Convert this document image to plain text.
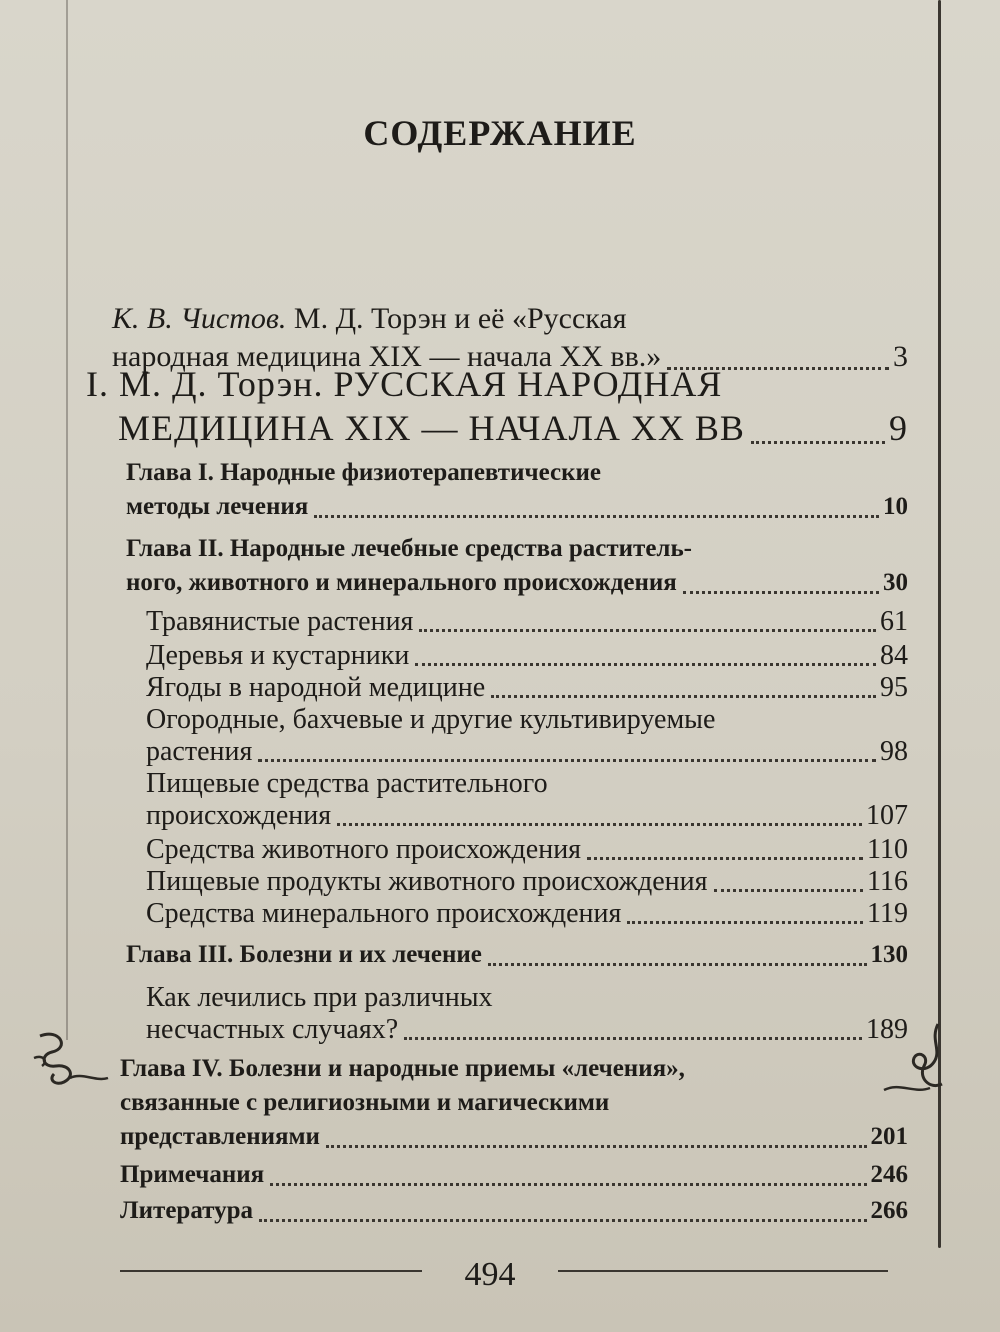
СОДЕРЖАНИЕ
К. В. Чистов. М. Д. Торэн и её «Русская
народная медицина XIX — начала XX вв.»	3
I. М. Д. Торэн. РУССКАЯ НАРОДНАЯ
МЕДИЦИНА XIX — НАЧАЛА XX ВВ	9
Глава I. Народные физиотерапевтические
методы лечения	10
Глава II. Народные лечебные средства раститель-
ного, животного и минерального происхождения	30
Травянистые растения	61
Деревья и кустарники	84
Ягоды в народной медицине	95
Огородные, бахчевые и другие культивируемые
растения	98
Пищевые средства растительного
происхождения	107
Средства животного происхождения	110
Пищевые продукты животного происхождения	116
Средства минерального происхождения	119
Глава III. Болезни и их лечение	130
Как лечились при различных
несчастных случаях?	189
Глава IV. Болезни и народные приемы «лечения»,
связанные с религиозными и магическими
представлениями	201
Примечания	246
Литература	266
494
